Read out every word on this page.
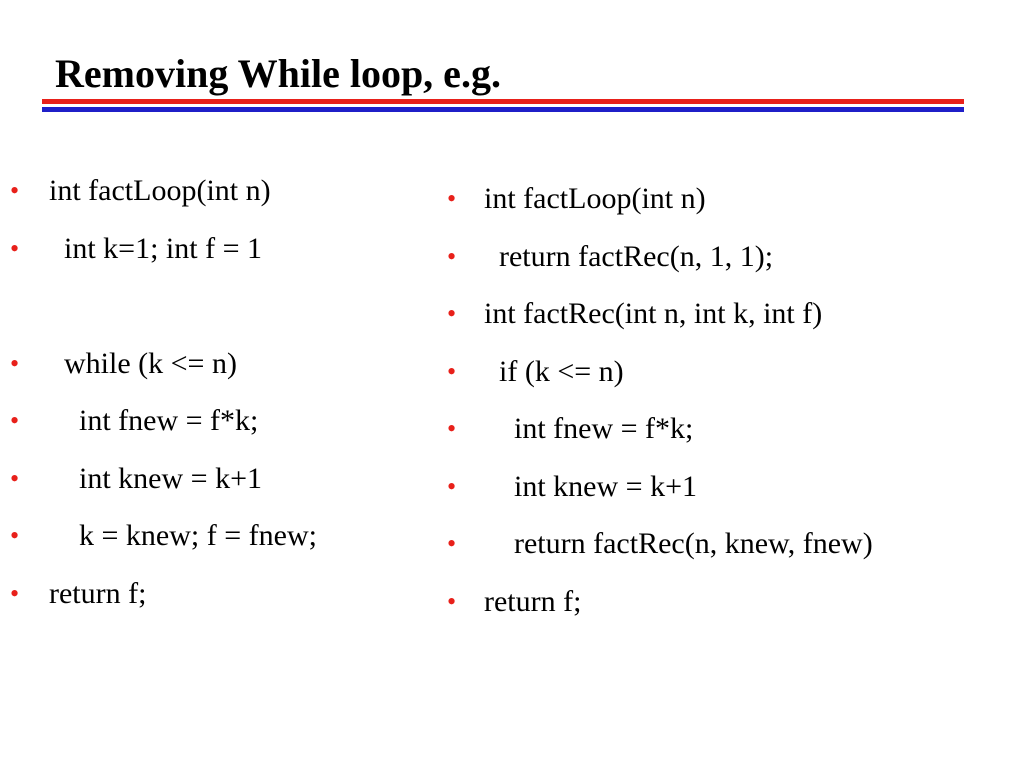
Removing While loop, e.g.

•

int factLoop(int n)

•

int k=1; int f = 1

•

while (k <= n)

•

int fnew = f*k;

•

int knew = k+1

•

k = knew; f = fnew;

•

return f;

•

int factLoop(int n)

•

return factRec(n, 1, 1);

•

int factRec(int n, int k, int f)

•

if (k <= n)

•

int fnew = f*k;

•

int knew = k+1

•

return factRec(n, knew, fnew)

•

return f;
